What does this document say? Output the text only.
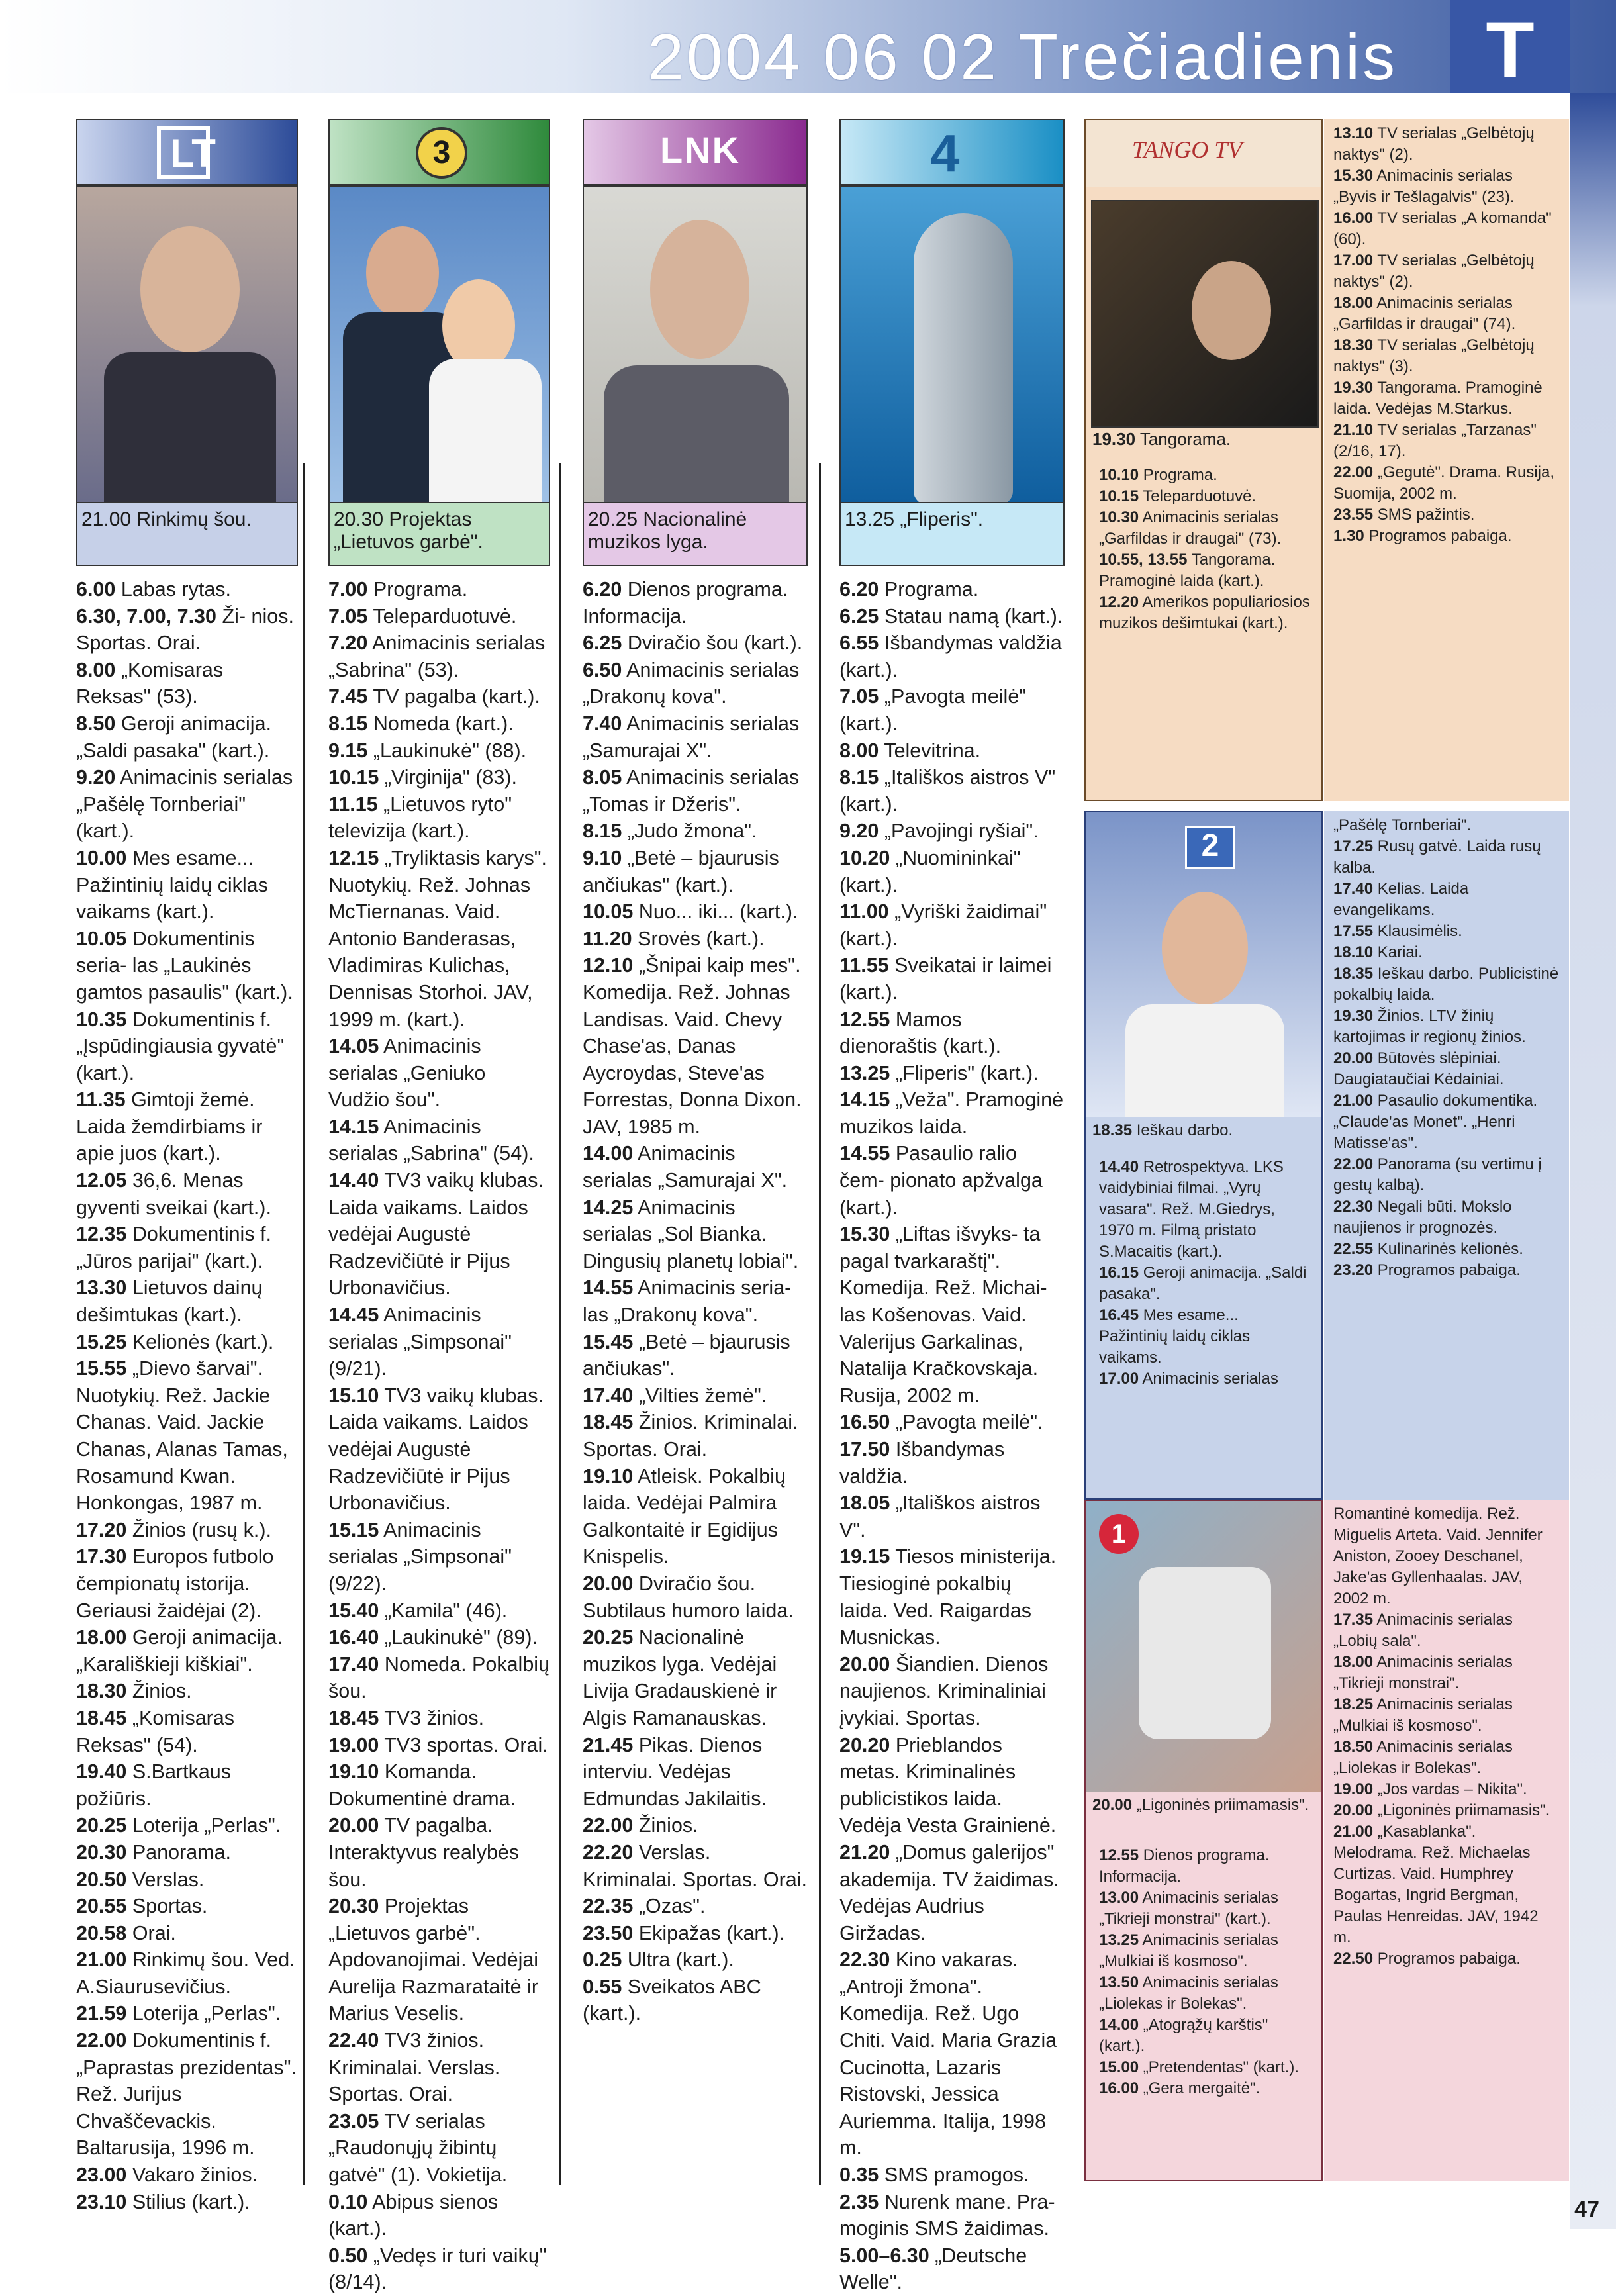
2004 06 02 Trečiadienis	T
LT
21.00 Rinkimų šou.
6.00 Labas rytas.
6.30, 7.00, 7.30 Ži- nios. Sportas. Orai.
8.00 „Komisaras Reksas" (53).
8.50 Geroji animacija. „Saldi pasaka" (kart.).
9.20 Animacinis serialas „Pašėlę Tornberiai" (kart.).
10.00 Mes esame... Pažintinių laidų ciklas vaikams (kart.).
10.05 Dokumentinis seria- las „Laukinės gamtos pasaulis" (kart.).
10.35 Dokumentinis f. „Įspūdingiausia gyvatė" (kart.).
11.35 Gimtoji žemė. Laida žemdirbiams ir apie juos (kart.).
12.05 36,6. Menas gyventi sveikai (kart.).
12.35 Dokumentinis f. „Jūros parijai" (kart.).
13.30 Lietuvos dainų dešimtukas (kart.).
15.25 Kelionės (kart.).
15.55 „Dievo šarvai". Nuotykių. Rež. Jackie Chanas. Vaid. Jackie Chanas, Alanas Tamas, Rosamund Kwan. Honkongas, 1987 m.
17.20 Žinios (rusų k.).
17.30 Europos futbolo čempionatų istorija. Geriausi žaidėjai (2).
18.00 Geroji animacija. „Karališkieji kiškiai".
18.30 Žinios.
18.45 „Komisaras Reksas" (54).
19.40 S.Bartkaus požiūris.
20.25 Loterija „Perlas".
20.30 Panorama.
20.50 Verslas.
20.55 Sportas.
20.58 Orai.
21.00 Rinkimų šou. Ved. A.Siaurusevičius.
21.59 Loterija „Perlas".
22.00 Dokumentinis f. „Paprastas prezidentas". Rež. Jurijus Chvaščevackis. Baltarusija, 1996 m.
23.00 Vakaro žinios.
23.10 Stilius (kart.).
3
20.30 Projektas „Lietuvos garbė".
7.00 Programa.
7.05 Teleparduotuvė.
7.20 Animacinis serialas „Sabrina" (53).
7.45 TV pagalba (kart.).
8.15 Nomeda (kart.).
9.15 „Laukinukė" (88).
10.15 „Virginija" (83).
11.15 „Lietuvos ryto" televizija (kart.).
12.15 „Tryliktasis karys". Nuotykių. Rež. Johnas McTiernanas. Vaid. Antonio Banderasas, Vladimiras Kulichas, Dennisas Storhoi. JAV, 1999 m. (kart.).
14.05 Animacinis serialas „Geniuko Vudžio šou".
14.15 Animacinis serialas „Sabrina" (54).
14.40 TV3 vaikų klubas. Laida vaikams. Laidos vedėjai Augustė Radzevičiūtė ir Pijus Urbonavičius.
14.45 Animacinis serialas „Simpsonai" (9/21).
15.10 TV3 vaikų klubas. Laida vaikams. Laidos vedėjai Augustė Radzevičiūtė ir Pijus Urbonavičius.
15.15 Animacinis serialas „Simpsonai" (9/22).
15.40 „Kamila" (46).
16.40 „Laukinukė" (89).
17.40 Nomeda. Pokalbių šou.
18.45 TV3 žinios.
19.00 TV3 sportas. Orai.
19.10 Komanda. Dokumentinė drama.
20.00 TV pagalba. Interaktyvus realybės šou.
20.30 Projektas „Lietuvos garbė". Apdovanojimai. Vedėjai Aurelija Razmarataitė ir Marius Veselis.
22.40 TV3 žinios. Kriminalai. Verslas. Sportas. Orai.
23.05 TV serialas „Raudonųjų žibintų gatvė" (1). Vokietija.
0.10 Abipus sienos (kart.).
0.50 „Vedęs ir turi vaikų" (8/14).
LNK
20.25 Nacionalinė muzikos lyga.
6.20 Dienos programa. Informacija.
6.25 Dviračio šou (kart.).
6.50 Animacinis serialas „Drakonų kova".
7.40 Animacinis serialas „Samurajai X".
8.05 Animacinis serialas „Tomas ir Džeris".
8.15 „Judo žmona".
9.10 „Betė – bjaurusis ančiukas" (kart.).
10.05 Nuo... iki... (kart.).
11.20 Srovės (kart.).
12.10 „Šnipai kaip mes". Komedija. Rež. Johnas Landisas. Vaid. Chevy Chase'as, Danas Aycroydas, Steve'as Forrestas, Donna Dixon. JAV, 1985 m.
14.00 Animacinis serialas „Samurajai X".
14.25 Animacinis serialas „Sol Bianka. Dingusių planetų lobiai".
14.55 Animacinis seria- las „Drakonų kova".
15.45 „Betė – bjaurusis ančiukas".
17.40 „Vilties žemė".
18.45 Žinios. Kriminalai. Sportas. Orai.
19.10 Atleisk. Pokalbių laida. Vedėjai Palmira Galkontaitė ir Egidijus Knispelis.
20.00 Dviračio šou. Subtilaus humoro laida.
20.25 Nacionalinė muzikos lyga. Vedėjai Livija Gradauskienė ir Algis Ramanauskas.
21.45 Pikas. Dienos interviu. Vedėjas Edmundas Jakilaitis.
22.00 Žinios.
22.20 Verslas. Kriminalai. Sportas. Orai.
22.35 „Ozas".
23.50 Ekipažas (kart.).
0.25 Ultra (kart.).
0.55 Sveikatos ABC (kart.).
4
13.25 „Fliperis".
6.20 Programa.
6.25 Statau namą (kart.).
6.55 Išbandymas valdžia (kart.).
7.05 „Pavogta meilė" (kart.).
8.00 Televitrina.
8.15 „Itališkos aistros V" (kart.).
9.20 „Pavojingi ryšiai".
10.20 „Nuomininkai" (kart.).
11.00 „Vyriški žaidimai" (kart.).
11.55 Sveikatai ir laimei (kart.).
12.55 Mamos dienoraštis (kart.).
13.25 „Fliperis" (kart.).
14.15 „Veža". Pramoginė muzikos laida.
14.55 Pasaulio ralio čem- pionato apžvalga (kart.).
15.30 „Liftas išvyks- ta pagal tvarkaraštį". Komedija. Rež. Michai- las Košenovas. Vaid. Valerijus Garkalinas, Natalija Kračkovskaja. Rusija, 2002 m.
16.50 „Pavogta meilė".
17.50 Išbandymas valdžia.
18.05 „Itališkos aistros V".
19.15 Tiesos ministerija. Tiesioginė pokalbių laida. Ved. Raigardas Musnickas.
20.00 Šiandien. Dienos naujienos. Kriminaliniai įvykiai. Sportas.
20.20 Prieblandos metas. Kriminalinės publicistikos laida. Vedėja Vesta Grainienė.
21.20 „Domus galerijos" akademija. TV žaidimas. Vedėjas Audrius Giržadas.
22.30 Kino vakaras. „Antroji žmona". Komedija. Rež. Ugo Chiti. Vaid. Maria Grazia Cucinotta, Lazaris Ristovski, Jessica Auriemma. Italija, 1998 m.
0.35 SMS pramogos.
2.35 Nurenk mane. Pra- moginis SMS žaidimas.
5.00–6.30 „Deutsche Welle".
TANGO TV
19.30 Tangorama.
10.10 Programa.
10.15 Teleparduotuvė.
10.30 Animacinis serialas „Garfildas ir draugai" (73).
10.55, 13.55 Tangorama. Pramoginė laida (kart.).
12.20 Amerikos populiariosios muzikos dešimtukai (kart.).
13.10 TV serialas „Gelbėtojų naktys" (2).
15.30 Animacinis serialas „Byvis ir Tešlagalvis" (23).
16.00 TV serialas „A komanda" (60).
17.00 TV serialas „Gelbėtojų naktys" (2).
18.00 Animacinis serialas „Garfildas ir draugai" (74).
18.30 TV serialas „Gelbėtojų naktys" (3).
19.30 Tangorama. Pramoginė laida. Vedėjas M.Starkus.
21.10 TV serialas „Tarzanas" (2/16, 17).
22.00 „Gegutė". Drama. Rusija, Suomija, 2002 m.
23.55 SMS pažintis.
1.30 Programos pabaiga.
2
18.35 Ieškau darbo.
14.40 Retrospektyva. LKS vaidybiniai filmai. „Vyrų vasara". Rež. M.Giedrys, 1970 m. Filmą pristato S.Macaitis (kart.).
16.15 Geroji animacija. „Saldi pasaka".
16.45 Mes esame... Pažintinių laidų ciklas vaikams.
17.00 Animacinis serialas
„Pašėlę Tornberiai".
17.25 Rusų gatvė. Laida rusų kalba.
17.40 Kelias. Laida evangelikams.
17.55 Klausimėlis.
18.10 Kariai.
18.35 Ieškau darbo. Publicistinė pokalbių laida.
19.30 Žinios. LTV žinių kartojimas ir regionų žinios.
20.00 Būtovės slėpiniai. Daugiataučiai Kėdainiai.
21.00 Pasaulio dokumentika. „Claude'as Monet". „Henri Matisse'as".
22.00 Panorama (su vertimu į gestų kalbą).
22.30 Negali būti. Mokslo naujienos ir prognozės.
22.55 Kulinarinės kelionės.
23.20 Programos pabaiga.
1
20.00 „Ligoninės priimamasis".
12.55 Dienos programa. Informacija.
13.00 Animacinis serialas „Tikrieji monstrai" (kart.).
13.25 Animacinis serialas „Mulkiai iš kosmoso".
13.50 Animacinis serialas „Liolekas ir Bolekas".
14.00 „Atogrąžų karštis" (kart.).
15.00 „Pretendentas" (kart.).
16.00 „Gera mergaitė".
Romantinė komedija. Rež. Miguelis Arteta. Vaid. Jennifer Aniston, Zooey Deschanel, Jake'as Gyllenhaalas. JAV, 2002 m.
17.35 Animacinis serialas „Lobių sala".
18.00 Animacinis serialas „Tikrieji monstrai".
18.25 Animacinis serialas „Mulkiai iš kosmoso".
18.50 Animacinis serialas „Liolekas ir Bolekas".
19.00 „Jos vardas – Nikita".
20.00 „Ligoninės priimamasis".
21.00 „Kasablanka". Melodrama. Rež. Michaelas Curtizas. Vaid. Humphrey Bogartas, Ingrid Bergman, Paulas Henreidas. JAV, 1942 m.
22.50 Programos pabaiga.
47
